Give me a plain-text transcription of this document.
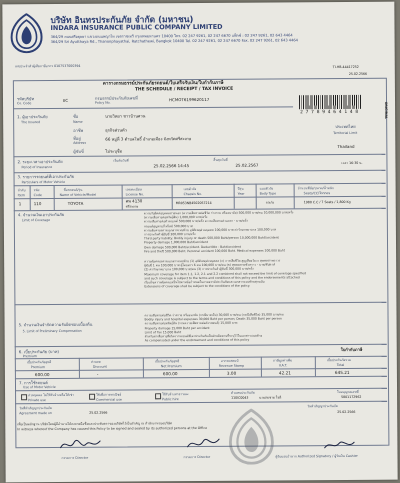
บริษัท อินทรประกันภัย จำกัด (มหาชน)
INDARA INSURANCE PUBLIC COMPANY LIMITED
364/29 ถนนศรีอยุธยา แขวงถนนพญาไท เขตราชเทวี กรุงเทพมหานคร 10400 โทร. 02 247 9261, 02 247 6670 แฟ็กซ์ : 02 247 9261, 02 643 4464
364/29 Sri Ayutthaya Rd., Thanonphayathai, Ratchathewi, Bangkok 10400 Tel. 02 247 9261, 02 247 6670 Fax. 02 247 9261, 02 643 4464
เลขประจำตัวผู้เสียภาษีอากร 0107537000394	TI-HB-44417252
25.02.2566
ตารางกรมธรรม์ประกันภัยรถยนต์/ใบเสร็จรับเงิน/ใบกำกับภาษี
THE SCHEDULE / RECEIPT / TAX INVOICE
ORIGINAL
รหัสบริษัท
Co. Code
IIC	กรมธรรม์ประกันภัยเลขที่
Policy No.
HCMOT6199620117
2 7 7 8 9 4 6 4 1 4 8
1. ผู้เอาประกันภัย
The Insured
ชื่อ
Name
นายวิทยา ชาวบ้านสวน
อาชีพ	ธุรกิจส่วนตัว
ที่อยู่
Address
66 หมู่ที่ 3 ตำบลโพธิ์ อำเภอเมือง จังหวัดศรีสะเกษ
ผู้ขับขี่	ไม่ระบุชื่อ
ประเทศไทย
Territorial Limit
Thailand
2. ระยะเวลาเอาประกันภัย
Period of Insurance
เริ่มต้นวันที่
25.02.2566 14:45
สิ้นสุดวันที่
25.02.2567	เวลา 16:30 น.
3. รายการรถยนต์ที่เอาประกันภัย
Particulars of Motor Vehicle
ลำดับ	รหัส	ชื่อรถยนต์/รุ่น	เลขทะเบียน	เลขตัวถัง	ปีรุ่น	แบบตัวถัง	จำนวนที่นั่ง/ขนาด/น้ำหนัก
Item	Code	Name of Vehicle/Model	License No.	Chassis No.	Year	Body Type	Seats/CC/Tonnes
1	110	TOYOTA	ศพ 4130
ศรีสะเกษ
MR053NB4502057214	รถเก๋ง	1980 C.C / 7 Seats / 1,800 Kg
4. จำนวนเงินเอาประกันภัย
Limit of Coverage
ความรับผิดต่อบุคคลภายนอก (ความเสียหายต่อชีวิต ร่างกาย หรืออนามัย) 500,000 บาท/คน 10,000,000 บาท/ครั้ง
(ความเสียหายต่อทรัพย์สิน) 1,000,000 บาท/ครั้ง
ความเสียหายต่อตัวรถยนต์ 500,000 บาท/ครั้ง ความเสียหายส่วนแรก - บาท/ครั้ง
รถยนต์สูญหาย/ไฟไหม้ 500,000 บาท
ความคุ้มครองตามเอกสารแนบท้าย อุบัติเหตุส่วนบุคคล 100,000 บาท ค่ารักษาพยาบาล 100,000 บาท
การประกันตัวผู้ขับขี่ 300,000 บาท/ครั้ง
Third party liability: Bodily injury or death 500,000 Baht/person 10,000,000 Baht/accident
Property damage 1,000,000 Baht/accident
Own damage 500,000 Baht/accident. Deductible - Baht/accident
Fire and theft 500,000 Baht. Personal accident 100,000 Baht. Medical expenses 100,000 Baht
ความคุ้มครองตามเอกสารแนบท้าย (1) อุบัติเหตุส่วนบุคคล (ก) การเสียชีวิต สูญเสียอวัยวะ ทุพพลภาพถาวร
ผู้ขับขี่ 1 คน 100,000 บาท ผู้โดยสาร 6 คน 100,000 บาท/คน (ข) ทุพพลภาพชั่วคราว - บาท/สัปดาห์
(2) ค่ารักษาพยาบาล 100,000 บาท/คน (3) การประกันตัวผู้ขับขี่ 300,000 บาท/ครั้ง
Maximum coverage for item 1.1, 1.2, 2.1 and 2.2 combined shall not exceed the limit of coverage specified
and such coverage is subject to the terms and conditions of this policy and the endorsements attached
เงื่อนไขความคุ้มครองเป็นไปตามข้อกำหนดในกรมธรรม์ประกันภัยและเอกสารแนบท้ายทุกฉบับ
Extensions of coverage shall be subject to the conditions of the policy.
5. จำนวนเงินจำกัดความรับผิดชอบเบื้องต้น
5. Limit of Preliminary Compensation
ความเสียหายต่อชีวิต ร่างกาย หรืออนามัย (กรณีบาดเจ็บ) 30,000 บาท/คน (กรณีเสียชีวิต) 35,000 บาท/คน
Bodily injury and hospital expenses 30,000 Baht per person; Death 35,000 Baht per person
ความเสียหายต่อทรัพย์สิน (รวมความเสียหายต่อตัวรถยนต์) 15,000 บาท
Property damage 15,000 Baht per accident
Limit of Tax 15,000 Baht
สำหรับค่าเสียหายที่เกิดจากรถยนต์ที่เอาประกันภัยเป็นฝ่ายผิดตามที่ระบุไว้ในเอกสารแนบท้าย
As compensated under the endorsement and conditions of this policy
6. เบี้ยประกันภัย (บาท)
Premium
ใบกำกับภาษี
เบี้ยประกันภัยสุทธิ	ส่วนลด	เบี้ยประกันภัยสุทธิ	อากรแสตมป์	ภาษีมูลค่าเพิ่ม	เบี้ยประกันภัยรวม
Premium	Discount	Net Premium	Revenue Stamp	V.A.T.	Total
600.00	-	600.00	3.00	42.21	645.21
7. การใช้รถยนต์
Use of Motor Vehicle
ส่วนบุคคล ไม่ใช้รับจ้างหรือให้เช่า
Private use
ใช้เพื่อการพาณิชย์
Commercial use
ใช้รับจ้างสาธารณะ
Public hire
ตัวแทนประกันภัย
110IC0043	นายสมชาย ใจดี
ใบอนุญาตเลขที่
5801172962
วันที่ทำสัญญาประกันภัย
Agreement made on	25.02.2566
วันทำสัญญาประกันภัย
25.02.2566
เพื่อเป็นหลักฐาน บริษัทโดยผู้มีอำนาจได้ลงลายมือชื่อและประทับตราของบริษัทไว้เป็นสำคัญ ณ สำนักงานของบริษัท
In witness whereof the Company has caused this Policy to be signed and sealed by its authorized persons at the Office
กรรมการ Director	กรรมการ Director	ผู้รับมอบอำนาจ Authorized Signatory / ผู้รับเงิน Cashier
